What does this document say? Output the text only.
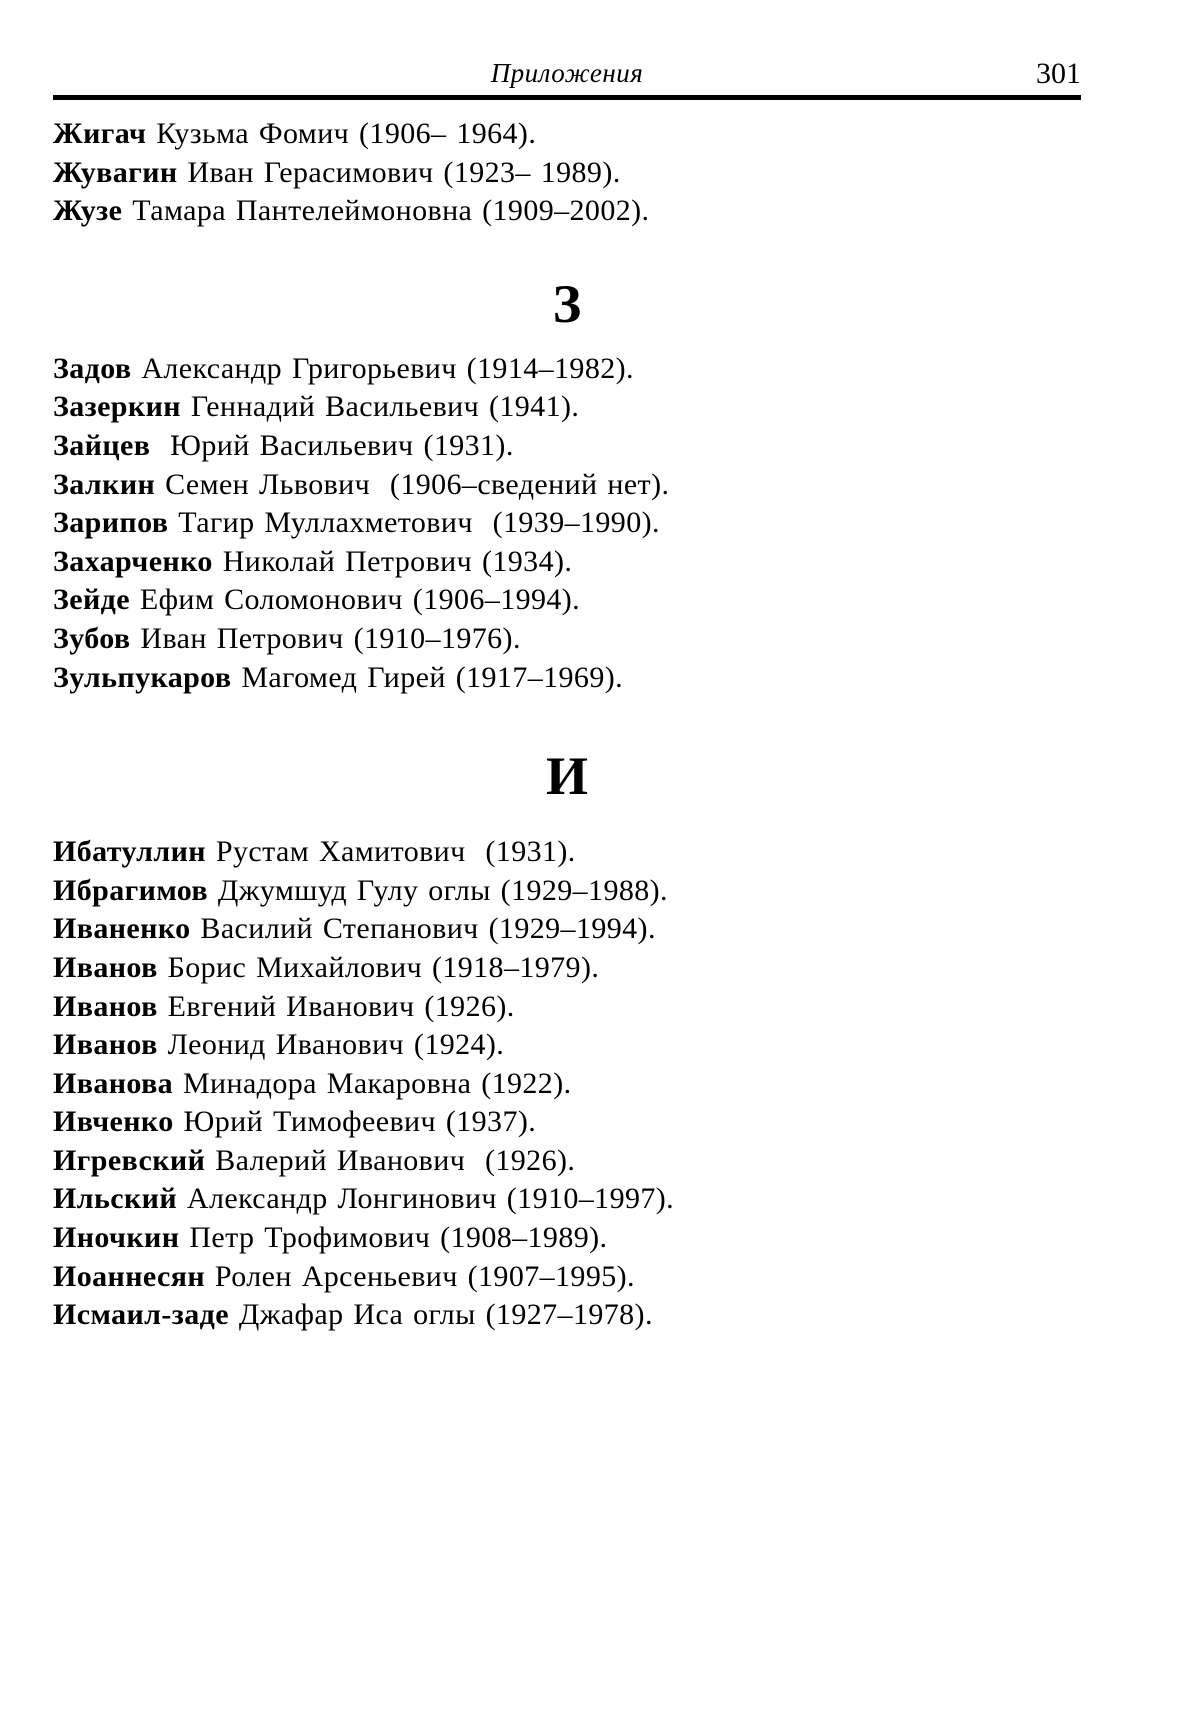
Приложения	301

Жигач Кузьма Фомич (1906– 1964).

Жувагин Иван Герасимович (1923– 1989).

Жузе Тамара Пантелеймоновна (1909–2002).

З

Задов Александр Григорьевич (1914–1982).

Зазеркин Геннадий Васильевич (1941).

Зайцев  Юрий Васильевич (1931).

Залкин Семен Львович  (1906–сведений нет).

Зарипов Тагир Муллахметович  (1939–1990).

Захарченко Николай Петрович (1934).

Зейде Ефим Соломонович (1906–1994).

Зубов Иван Петрович (1910–1976).

Зульпукаров Магомед Гирей (1917–1969).

И

Ибатуллин Рустам Хамитович  (1931).

Ибрагимов Джумшуд Гулу оглы (1929–1988).

Иваненко Василий Степанович (1929–1994).

Иванов Борис Михайлович (1918–1979).

Иванов Евгений Иванович (1926).

Иванов Леонид Иванович (1924).

Иванова Минадора Макаровна (1922).

Ивченко Юрий Тимофеевич (1937).

Игревский Валерий Иванович  (1926).

Ильский Александр Лонгинович (1910–1997).

Иночкин Петр Трофимович (1908–1989).

Иоаннесян Ролен Арсеньевич (1907–1995).

Исмаил-заде Джафар Иса оглы (1927–1978).
